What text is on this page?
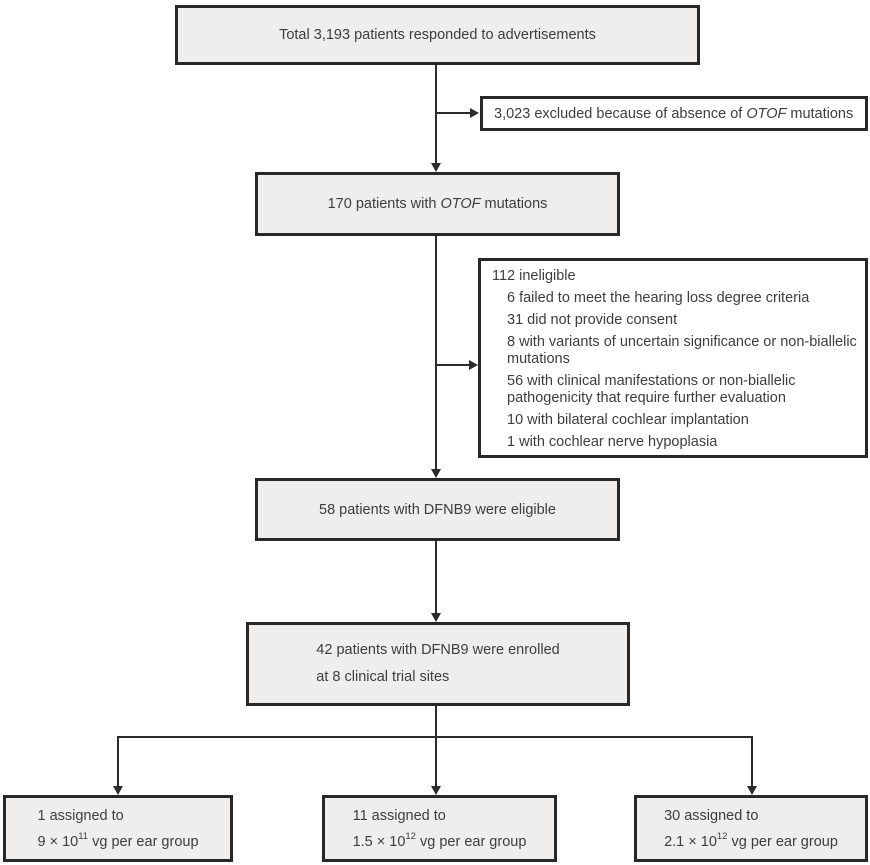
Total 3,193 patients responded to advertisements
3,023 excluded because of absence of OTOF mutations
170 patients with OTOF mutations
112 ineligible
6 failed to meet the hearing loss degree criteria
31 did not provide consent
8 with variants of uncertain significance or non-biallelic mutations
56 with clinical manifestations or non-biallelic pathogenicity that require further evaluation
10 with bilateral cochlear implantation
1 with cochlear nerve hypoplasia
58 patients with DFNB9 were eligible
42 patients with DFNB9 were enrolled
at 8 clinical trial sites
1 assigned to
$9 \times 10^{11}$ vg per ear group
11 assigned to
$1.5 \times 10^{12}$ vg per ear group
30 assigned to
$2.1 \times 10^{12}$ vg per ear group
